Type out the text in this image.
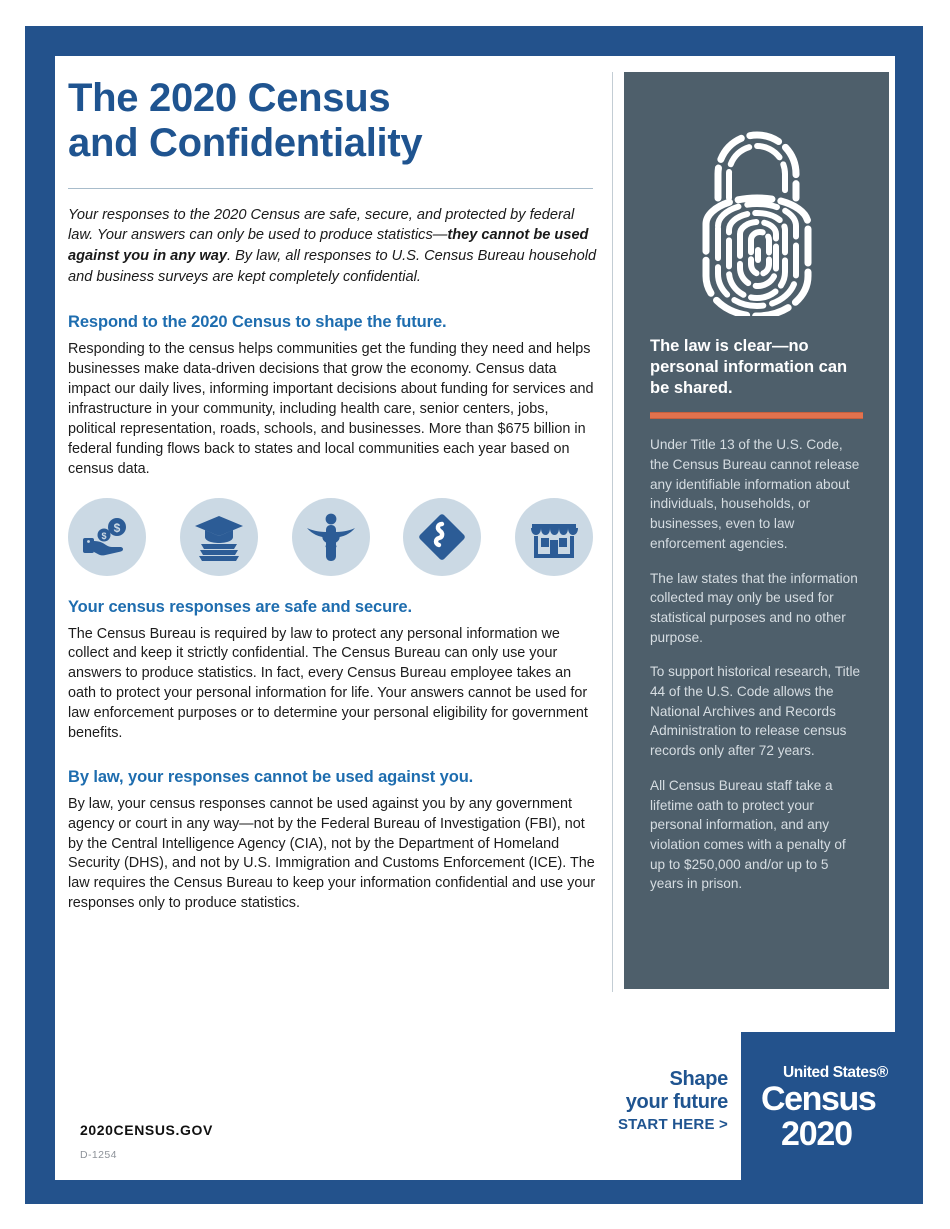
The 2020 Census
and Confidentiality

Your responses to the 2020 Census are safe, secure, and protected by federal law. Your answers can only be used to produce statistics—they cannot be used against you in any way. By law, all responses to U.S. Census Bureau household and business surveys are kept completely confidential.

Respond to the 2020 Census to shape the future.

Responding to the census helps communities get the funding they need and helps businesses make data-driven decisions that grow the economy. Census data impact our daily lives, informing important decisions about funding for services and infrastructure in your community, including health care, senior centers, jobs, political representation, roads, schools, and businesses. More than $675 billion in federal funding flows back to states and local communities each year based on census data.

$
$
Your census responses are safe and secure.

The Census Bureau is required by law to protect any personal information we collect and keep it strictly confidential. The Census Bureau can only use your answers to produce statistics. In fact, every Census Bureau employee takes an oath to protect your personal information for life. Your answers cannot be used for law enforcement purposes or to determine your personal eligibility for government benefits.

By law, your responses cannot be used against you.

By law, your census responses cannot be used against you by any government agency or court in any way—not by the Federal Bureau of Investigation (FBI), not by the Central Intelligence Agency (CIA), not by the Department of Homeland Security (DHS), and not by U.S. Immigration and Customs Enforcement (ICE). The law requires the Census Bureau to keep your information confidential and use your responses only to produce statistics.

The law is clear—no personal information can be shared.

Under Title 13 of the U.S. Code, the Census Bureau cannot release any identifiable information about individuals, households, or businesses, even to law enforcement agencies.

The law states that the information collected may only be used for statistical purposes and no other purpose.

To support historical research, Title 44 of the U.S. Code allows the National Archives and Records Administration to release census records only after 72 years.

All Census Bureau staff take a lifetime oath to protect your personal information, and any violation comes with a penalty of up to $250,000 and/or up to 5 years in prison.

2020CENSUS.GOV
D-1254
Shape
your future
START HERE >
United States®
Census
2020
